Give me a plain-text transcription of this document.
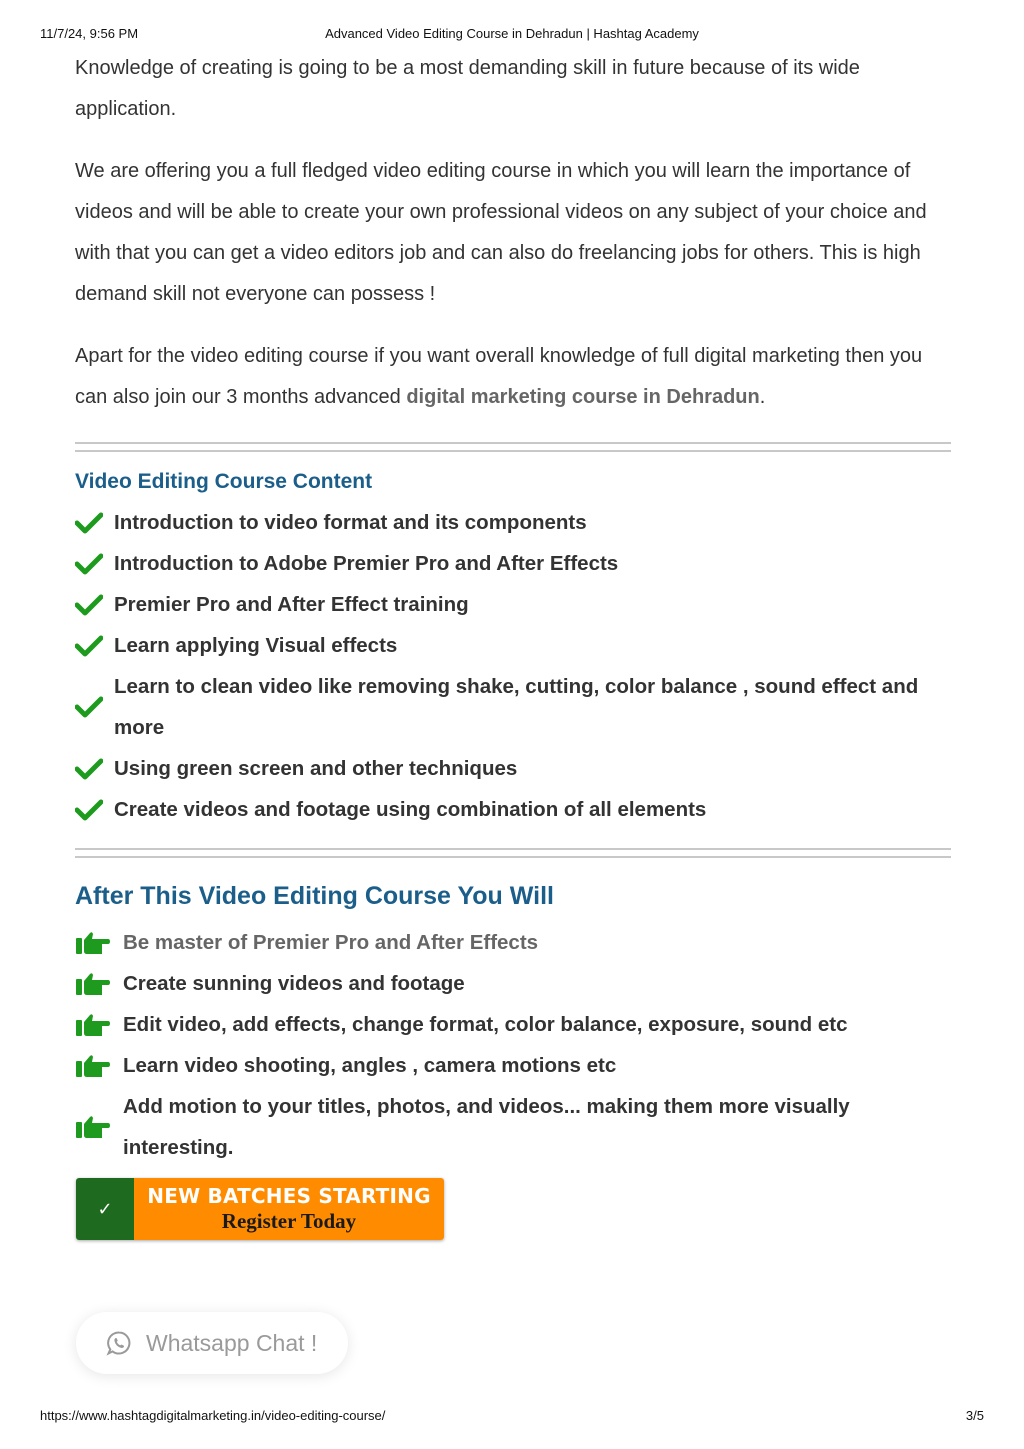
11/7/24, 9:56 PM	Advanced Video Editing Course in Dehradun | Hashtag Academy

Knowledge of creating is going to be a most demanding skill in future because of its wide application.

We are offering you a full fledged video editing course in which you will learn the importance of videos and will be able to create your own professional videos on any subject of your choice and with that you can get a video editors job and can also do freelancing jobs for others. This is high demand skill not everyone can possess !

Apart for the video editing course if you want overall knowledge of full digital marketing then you can also join our 3 months advanced digital marketing course in Dehradun.

Video Editing Course Content
Introduction to video format and its components
Introduction to Adobe Premier Pro and After Effects
Premier Pro and After Effect training
Learn applying Visual effects
Learn to clean video like removing shake, cutting, color balance , sound effect and more
Using green screen and other techniques
Create videos and footage using combination of all elements
After This Video Editing Course You Will
Be master of Premier Pro and After Effects
Create sunning videos and footage
Edit video, add effects, change format, color balance, exposure, sound etc
Learn video shooting, angles , camera motions etc
Add motion to your titles, photos, and videos... making them more visually interesting.
✓
NEW BATCHES STARTING
Register Today
Whatsapp Chat !
https://www.hashtagdigitalmarketing.in/video-editing-course/	3/5
